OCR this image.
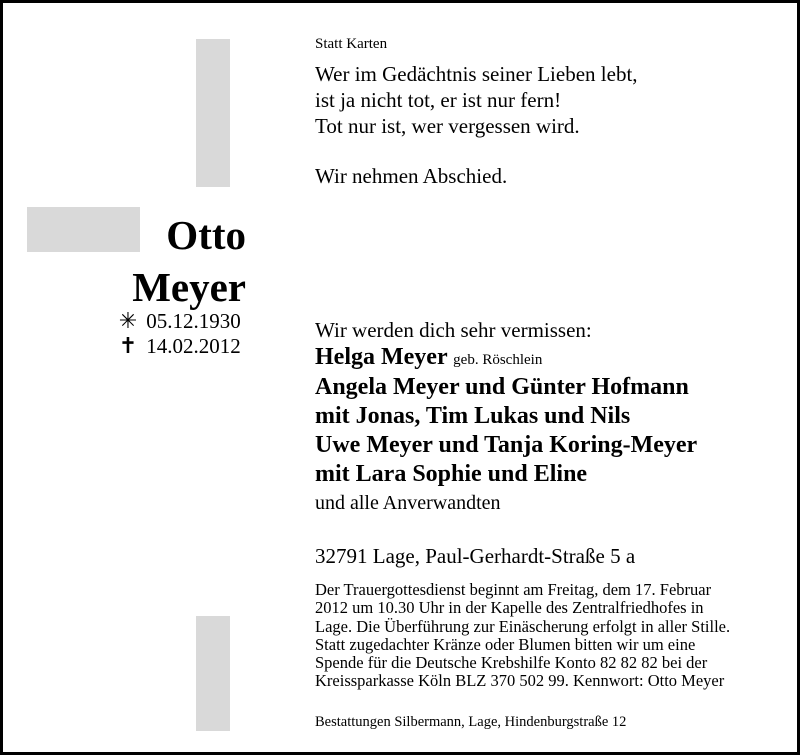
Otto
Meyer
✳ 05.12.1930
✝ 14.02.2012
Statt Karten
Wer im Gedächtnis seiner Lieben lebt,
ist ja nicht tot, er ist nur fern!
Tot nur ist, wer vergessen wird.
Wir nehmen Abschied.
Wir werden dich sehr vermissen:
Helga Meyer geb. Röschlein
Angela Meyer und Günter Hofmann
mit Jonas, Tim Lukas und Nils
Uwe Meyer und Tanja Koring-Meyer
mit Lara Sophie und Eline
und alle Anverwandten
32791 Lage, Paul-Gerhardt-Straße 5 a
Der Trauergottesdienst beginnt am Freitag, dem 17. Februar
2012 um 10.30 Uhr in der Kapelle des Zentralfriedhofes in
Lage. Die Überführung zur Einäscherung erfolgt in aller Stille.
Statt zugedachter Kränze oder Blumen bitten wir um eine
Spende für die Deutsche Krebshilfe Konto 82 82 82 bei der
Kreissparkasse Köln BLZ 370 502 99. Kennwort: Otto Meyer
Bestattungen Silbermann, Lage, Hindenburgstraße 12
